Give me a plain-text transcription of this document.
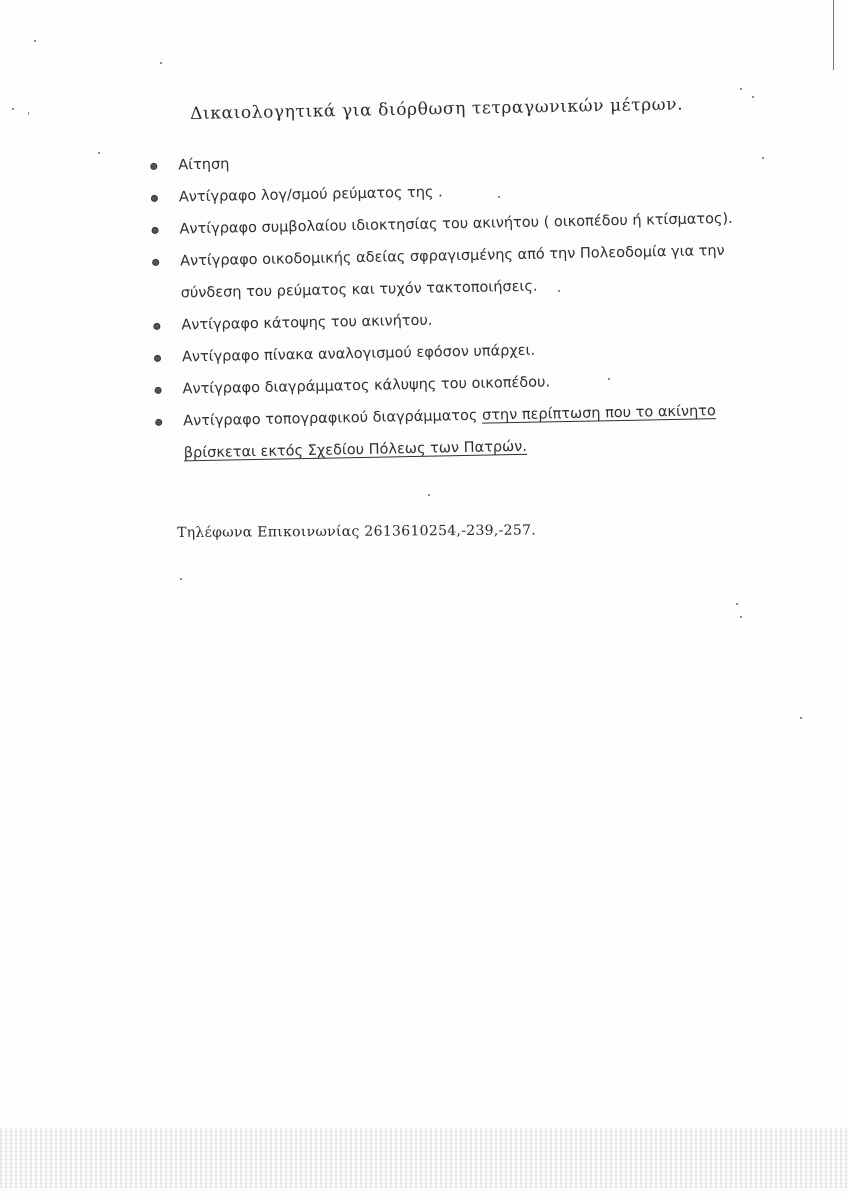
Δικαιολογητικά για διόρθωση τετραγωνικών μέτρων.
Αίτηση
Αντίγραφο λογ/σμού ρεύματος της .
Αντίγραφο συμβολαίου ιδιοκτησίας του ακινήτου ( οικοπέδου ή κτίσματος).
Αντίγραφο οικοδομικής αδείας σφραγισμένης από την Πολεοδομία για την
σύνδεση του ρεύματος και τυχόν τακτοποιήσεις.
Αντίγραφο κάτοψης του ακινήτου.
Αντίγραφο πίνακα αναλογισμού εφόσον υπάρχει.
Αντίγραφο διαγράμματος κάλυψης του οικοπέδου.
Αντίγραφο τοπογραφικού διαγράμματος στην περίπτωση που το ακίνητο
βρίσκεται εκτός Σχεδίου Πόλεως των Πατρών.
Τηλέφωνα Επικοινωνίας 2613610254,-239,-257.
